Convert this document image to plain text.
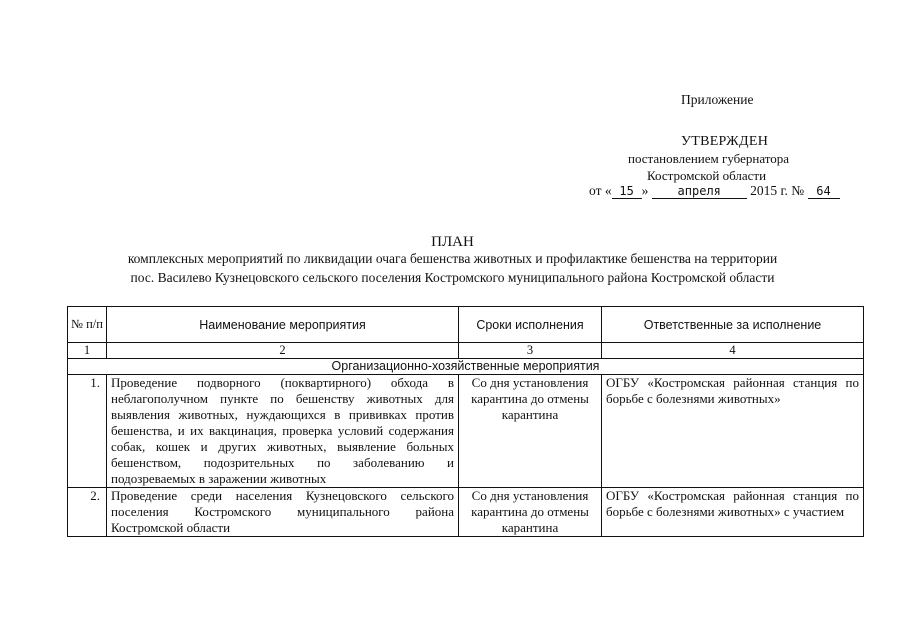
Приложение
УТВЕРЖДЕН
постановлением губернатора
Костромской области
от « 15 » апреля 2015 г. № 64
ПЛАН
комплексных мероприятий по ликвидации очага бешенства животных и профилактике бешенства на территории
пос. Василево Кузнецовского сельского поселения Костромского муниципального района Костромской области
№ п/п	Наименование мероприятия	Сроки исполнения	Ответственные за исполнение
1	2	3	4
Организационно-хозяйственные мероприятия			
1.	Проведение подворного (поквартирного) обхода в неблагополучном пункте по бешенству животных для выявления животных, нуждающихся в прививках против бешенства, и их вакцинация, проверка условий содержания собак, кошек и других животных, выявление больных бешенством, подозрительных по заболеванию и подозреваемых в заражении животных	Со дня установления карантина до отмены карантина	ОГБУ «Костромская районная станция по борьбе с болезнями животных»
2.	Проведение среди населения Кузнецовского сельского поселения Костромского муниципального района Костромской области	Со дня установления карантина до отмены карантина	ОГБУ «Костромская районная станция по борьбе с болезнями животных» с участием
